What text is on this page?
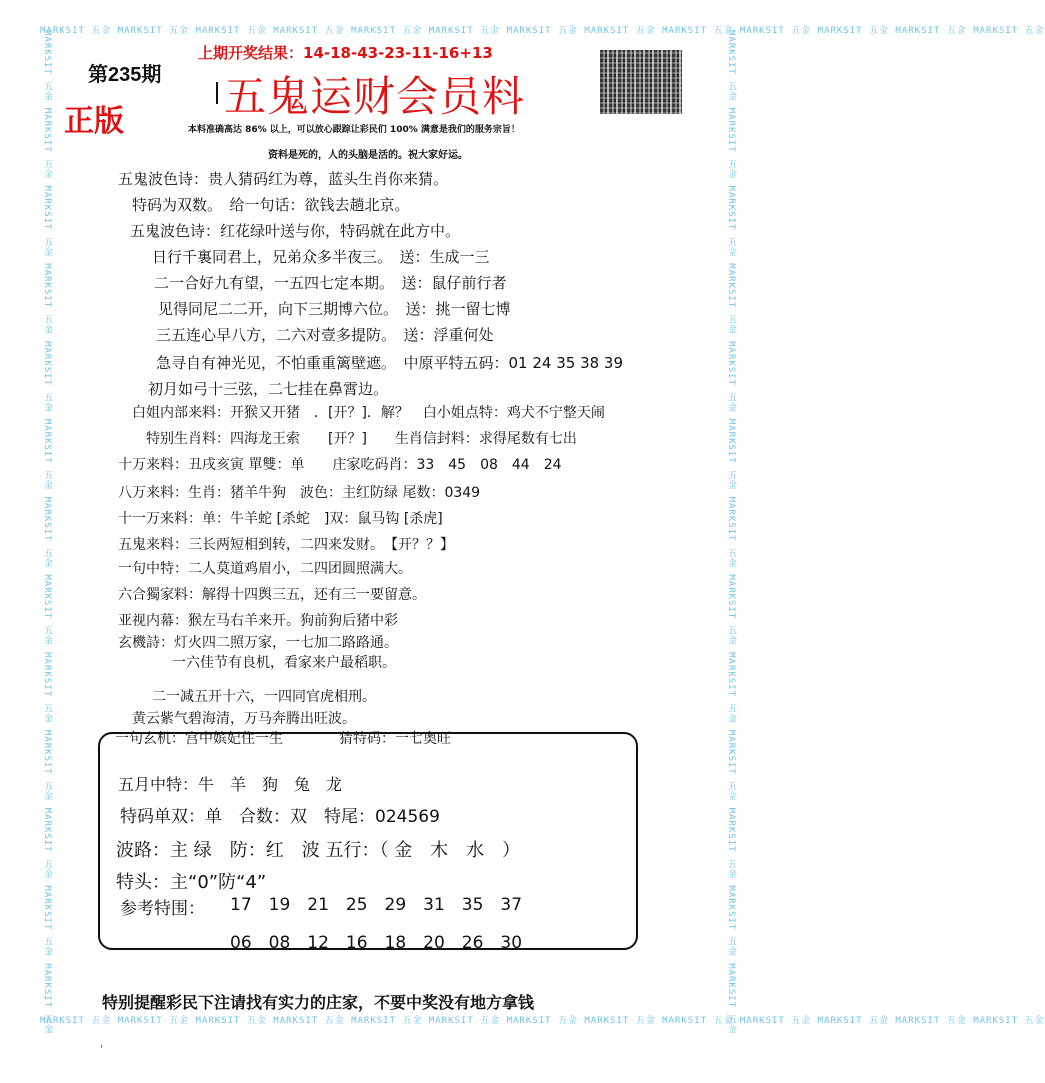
MARKSIT 五金 MARKSIT 五金 MARKSIT 五金 MARKSIT 五金 MARKSIT 五金 MARKSIT 五金 MARKSIT 五金 MARKSIT 五金 MARKSIT 五金 MARKSIT 五金 MARKSIT 五金 MARKSIT 五金 MARKSIT 五金
MARKSIT 五金 MARKSIT 五金 MARKSIT 五金 MARKSIT 五金 MARKSIT 五金 MARKSIT 五金 MARKSIT 五金 MARKSIT 五金 MARKSIT 五金 MARKSIT 五金 MARKSIT 五金 MARKSIT 五金 MARKSIT 五金
MARKSIT 五金 MARKSIT 五金 MARKSIT 五金 MARKSIT 五金 MARKSIT 五金 MARKSIT 五金 MARKSIT 五金 MARKSIT 五金 MARKSIT 五金 MARKSIT 五金 MARKSIT 五金 MARKSIT 五金 MARKSIT 五金	MARKSIT 五金 MARKSIT 五金 MARKSIT 五金 MARKSIT 五金 MARKSIT 五金 MARKSIT 五金 MARKSIT 五金 MARKSIT 五金 MARKSIT 五金 MARKSIT 五金 MARKSIT 五金 MARKSIT 五金 MARKSIT 五金
第235期
正版
上期开奖结果：14-18-43-23-11-16+13
五鬼运财会员料
本料准确高达 86% 以上，可以放心跟踪让彩民们 100% 满意是我们的服务宗旨！
资料是死的，人的头脑是活的。祝大家好运。
五鬼波色诗：贵人猜码红为尊，蓝头生肖你来猜。
特码为双数。　给一句话：欲钱去趟北京。
五鬼波色诗：红花绿叶送与你，特码就在此方中。
日行千裏同君上，兄弟众多半夜三。　送：生成一三
二一合好九有望，一五四七定本期。　送：鼠仔前行者
见得同尼二二开，向下三期博六位。　送：挑一留七博
三五连心早八方，二六对壹多提防。　送：浮重何处
急寻自有神光见，不怕重重篱壁遮。　中原平特五码：01 24 35 38 39
初月如弓十三弦，二七挂在鼻霄边。
白姐内部来料：开猴又开猪　．[开？]．解？　白小姐点特：鸡犬不宁整天闹
特别生肖料：四海龙王索　　[开？]　　生肖信封料：求得尾数有七出
十万来料：丑戌亥寅 單雙：单　　庄家吃码肖：33　45　08　44　24
八万来料：生肖：猪羊牛狗　波色：主红防绿 尾数：0349
十一万来料：单：牛羊蛇 [杀蛇　]双：鼠马钩 [杀虎]
五鬼来料：三长两短相到转，二四来发财。　【开？？】
一句中特：二人莫道鸡眉小，二四团圆照满大。
六合獨家料：解得十四舆三五，还有三一要留意。
亚视内幕：猴左马右羊来开。狗前狗后猪中彩
玄機詩：灯火四二照万家，一七加二路路通。
一六佳节有良机，看家来户最稻职。
二一减五开十六，一四同官虎相刑。
黄云紫气碧海清，万马奔腾出旺波。
一句玄机：宫中嫔妃住一生　　　　猜特码：一七奥旺
五月中特：牛　羊　狗　兔　龙
特码单双：单　合数：双　特尾：024569
波路：主 绿　防：红　波 五行：（ 金　木　水　）
特头：主“0”防“4”
参考特围： 17　19　21　25　29　31　35　37
06　08　12　16　18　20　26　30
特别提醒彩民下注请找有实力的庄家，不要中奖没有地方拿钱
'
